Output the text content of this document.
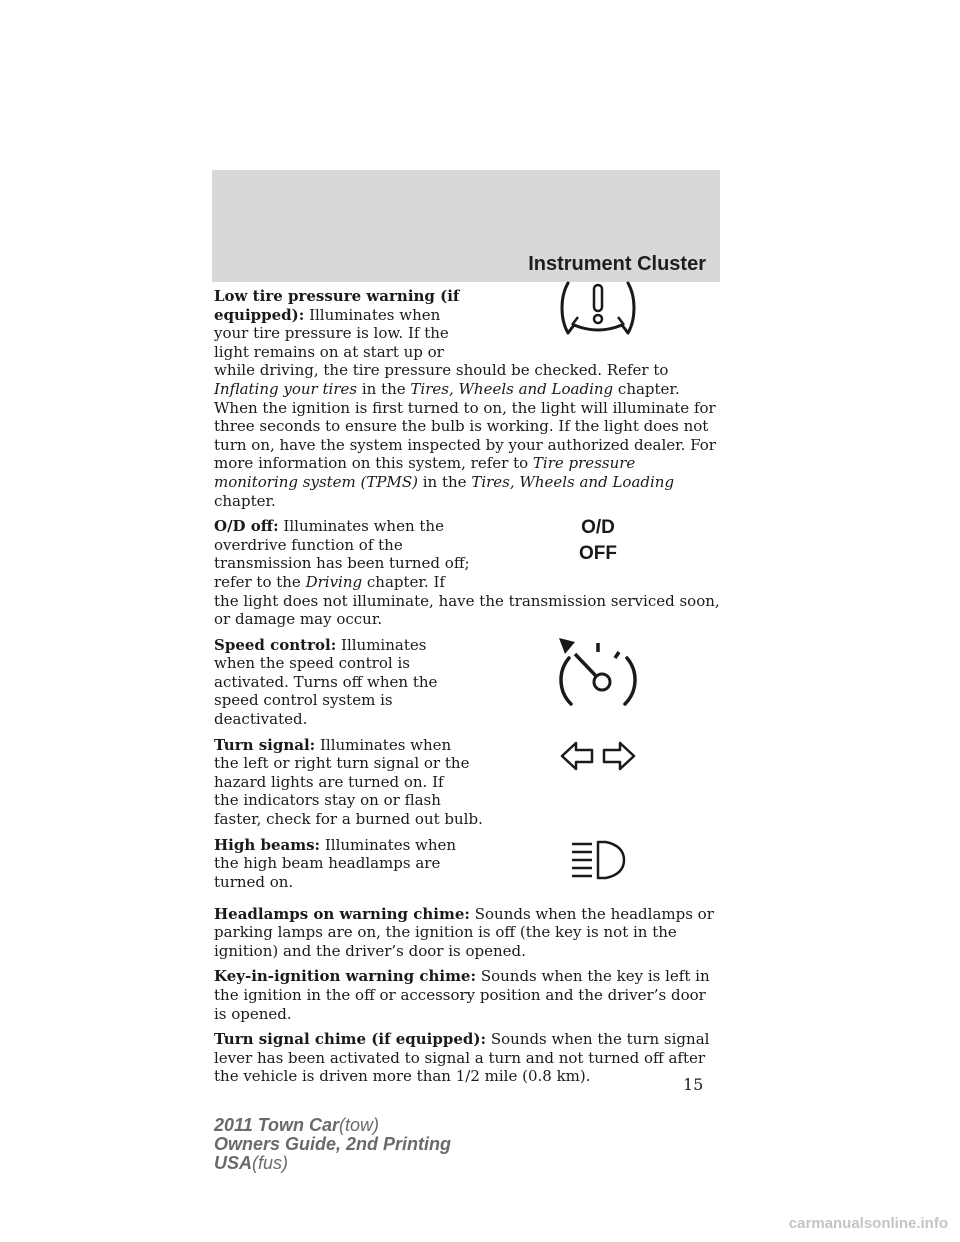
Instrument Cluster

Low tire pressure warning (if equipped): Illuminates when your tire pressure is low. If the light remains on at start up or while driving, the tire pressure should be checked. Refer to Inflating your tires in the Tires, Wheels and Loading chapter. When the ignition is first turned to on, the light will illuminate for three seconds to ensure the bulb is working. If the light does not turn on, have the system inspected by your authorized dealer. For more information on this system, refer to Tire pressure monitoring system (TPMS) in the Tires, Wheels and Loading chapter.

O/D
OFF
O/D off: Illuminates when the overdrive function of the transmission has been turned off; refer to the Driving chapter. If the light does not illuminate, have the transmission serviced soon, or damage may occur.

Speed control: Illuminates when the speed control is activated. Turns off when the speed control system is deactivated.

Turn signal: Illuminates when the left or right turn signal or the hazard lights are turned on. If the indicators stay on or flash faster, check for a burned out bulb.

High beams: Illuminates when the high beam headlamps are turned on.

Headlamps on warning chime: Sounds when the headlamps or parking lamps are on, the ignition is off (the key is not in the ignition) and the driver’s door is opened.

Key-in-ignition warning chime: Sounds when the key is left in the ignition in the off or accessory position and the driver’s door is opened.

Turn signal chime (if equipped): Sounds when the turn signal lever has been activated to signal a turn and not turned off after the vehicle is driven more than 1/2 mile (0.8 km).	15
2011 Town Car(tow)
Owners Guide, 2nd Printing
USA(fus)
carmanualsonline.info
